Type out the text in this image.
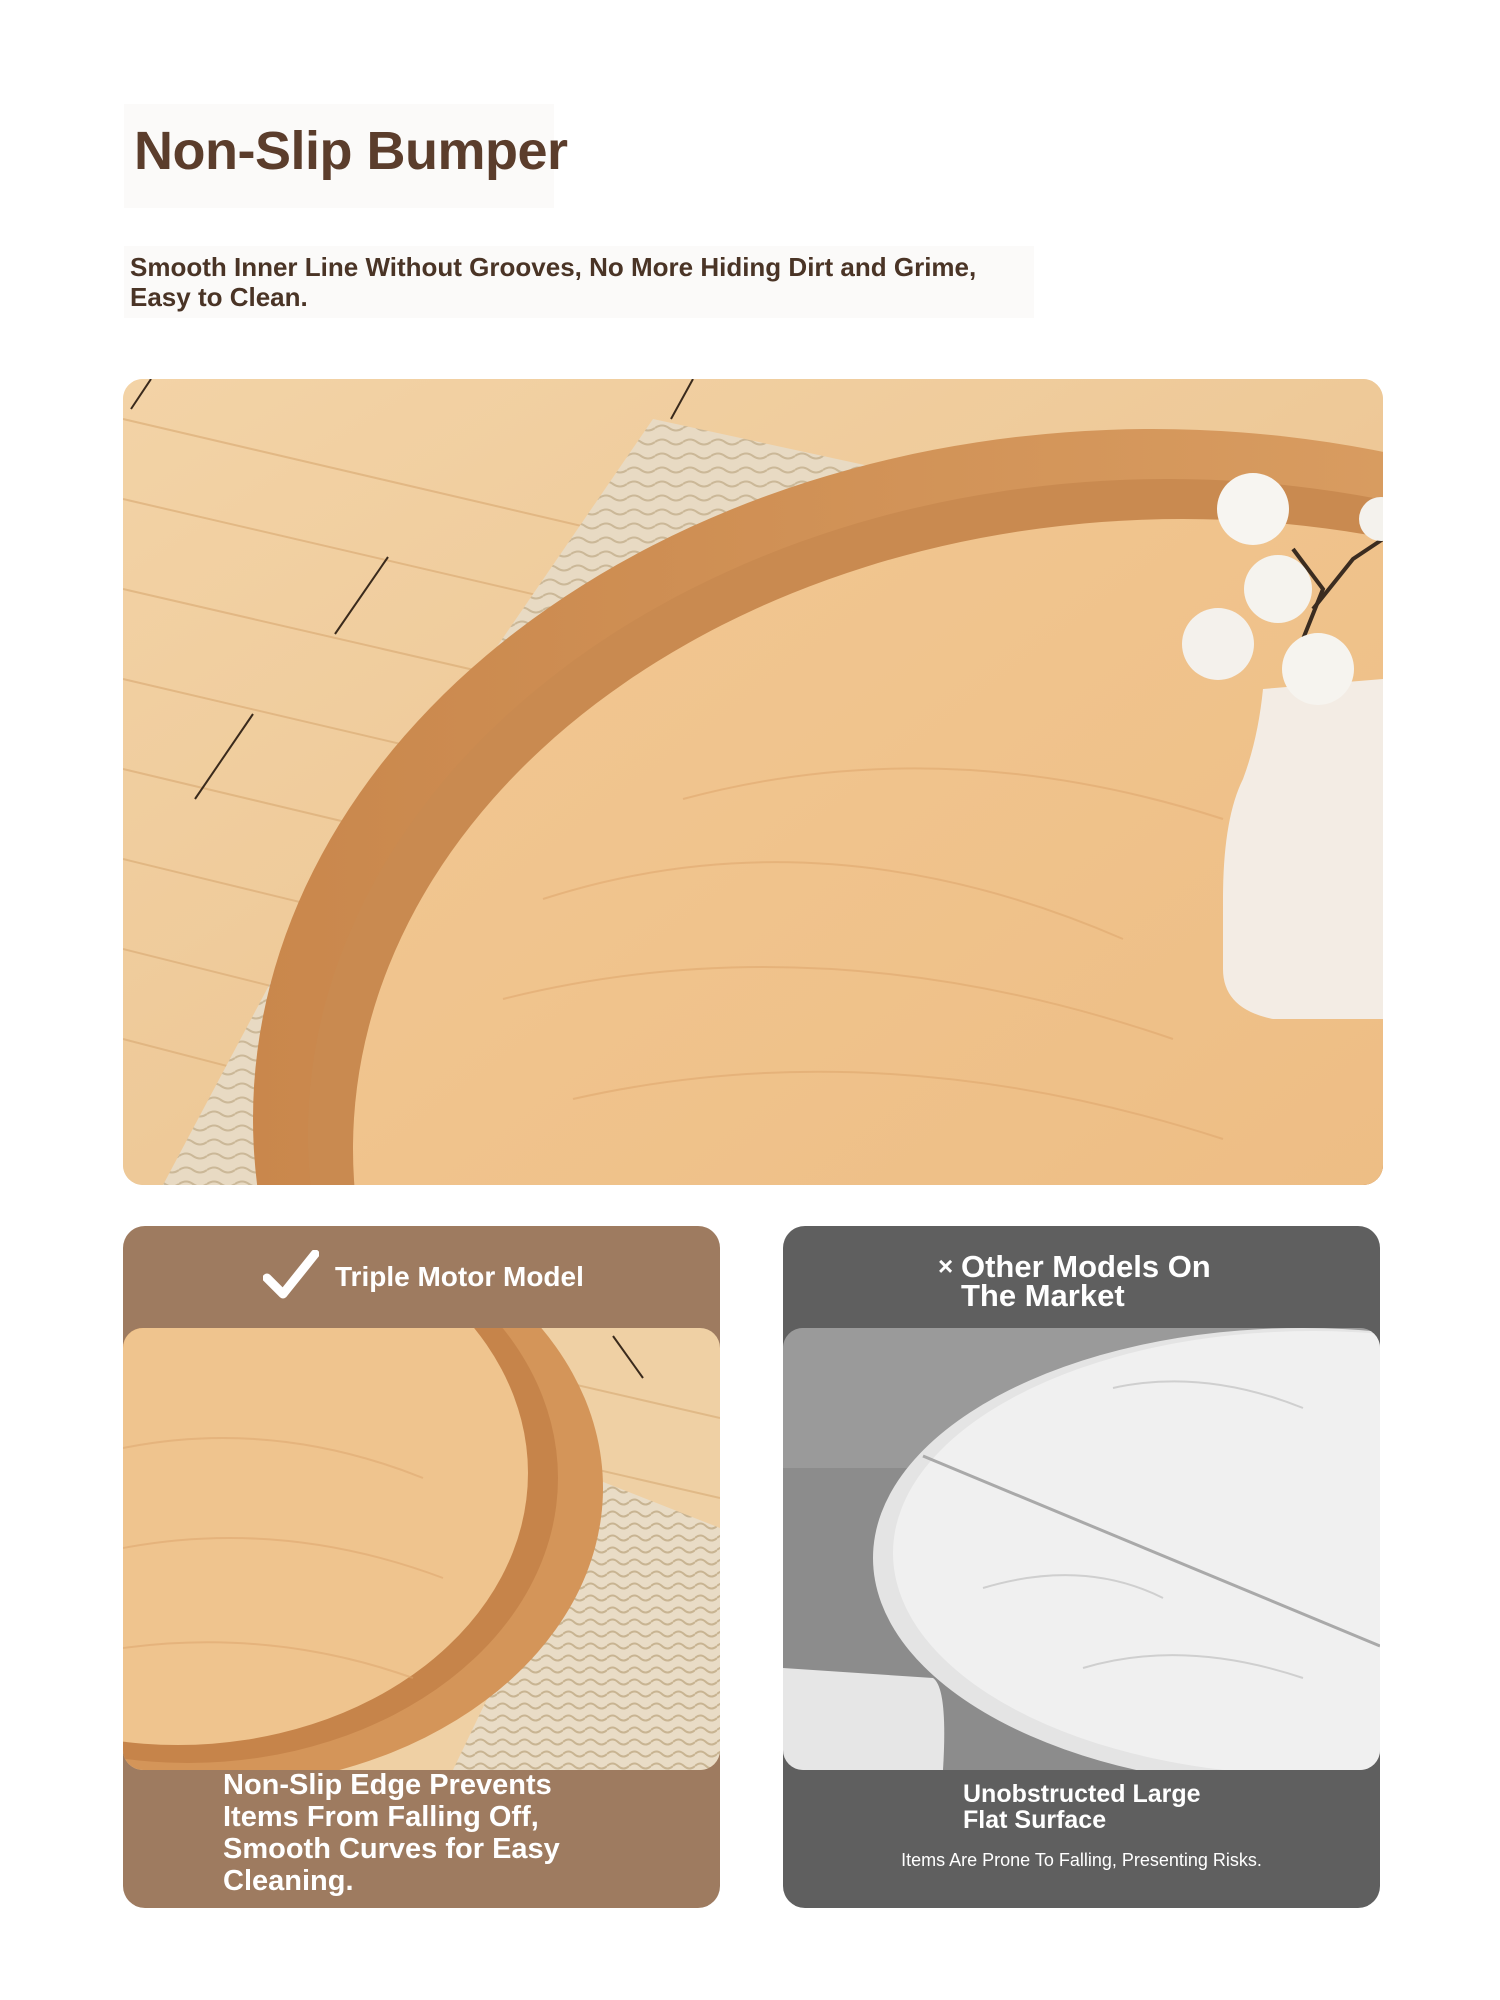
Non-Slip Bumper

Smooth Inner Line Without Grooves, No More Hiding Dirt and Grime,
Easy to Clean.

Triple Motor Model
Non-Slip Edge Prevents
Items From Falling Off,
Smooth Curves for Easy
Cleaning.
× Other Models On
The Market
Unobstructed Large
Flat Surface
Items Are Prone To Falling, Presenting Risks.
